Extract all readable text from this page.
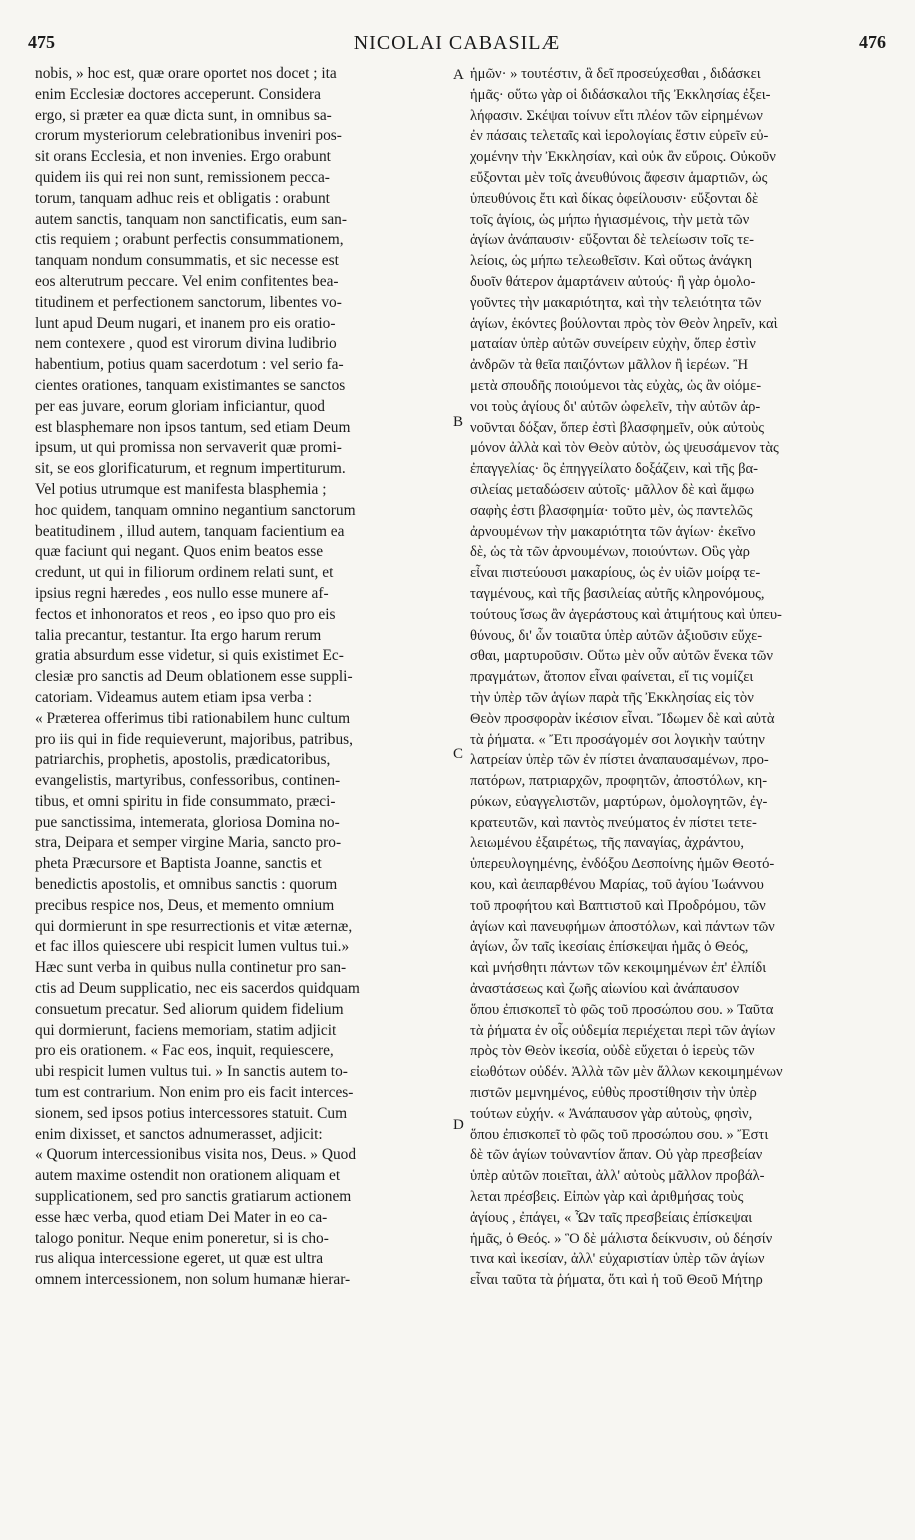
475	NICOLAI CABASILÆ	476
nobis, » hoc est, quæ orare oportet nos docet ; ita
enim Ecclesiæ doctores acceperunt. Considera
ergo, si præter ea quæ dicta sunt, in omnibus sa-
crorum mysteriorum celebrationibus inveniri pos-
sit orans Ecclesia, et non invenies. Ergo orabunt
quidem iis qui rei non sunt, remissionem pecca-
torum, tanquam adhuc reis et obligatis : orabunt
autem sanctis, tanquam non sanctificatis, eum san-
ctis requiem ; orabunt perfectis consummationem,
tanquam nondum consummatis, et sic necesse est
eos alterutrum peccare. Vel enim confitentes bea-
titudinem et perfectionem sanctorum, libentes vo-
lunt apud Deum nugari, et inanem pro eis oratio-
nem contexere , quod est virorum divina ludibrio
habentium, potius quam sacerdotum : vel serio fa-
cientes orationes, tanquam existimantes se sanctos
per eas juvare, eorum gloriam inficiantur, quod
est blasphemare non ipsos tantum, sed etiam Deum
ipsum, ut qui promissa non servaverit quæ promi-
sit, se eos glorificaturum, et regnum impertiturum.
Vel potius utrumque est manifesta blasphemia ;
hoc quidem, tanquam omnino negantium sanctorum
beatitudinem , illud autem, tanquam facientium ea
quæ faciunt qui negant. Quos enim beatos esse
credunt, ut qui in filiorum ordinem relati sunt, et
ipsius regni hæredes , eos nullo esse munere af-
fectos et inhonoratos et reos , eo ipso quo pro eis
talia precantur, testantur. Ita ergo harum rerum
gratia absurdum esse videtur, si quis existimet Ec-
clesiæ pro sanctis ad Deum oblationem esse suppli-
catoriam. Videamus autem etiam ipsa verba :
« Præterea offerimus tibi rationabilem hunc cultum
pro iis qui in fide requieverunt, majoribus, patribus,
patriarchis, prophetis, apostolis, prædicatoribus,
evangelistis, martyribus, confessoribus, continen-
tibus, et omni spiritu in fide consummato, præci-
pue sanctissima, intemerata, gloriosa Domina no-
stra, Deipara et semper virgine Maria, sancto pro-
pheta Præcursore et Baptista Joanne, sanctis et
benedictis apostolis, et omnibus sanctis : quorum
precibus respice nos, Deus, et memento omnium
qui dormierunt in spe resurrectionis et vitæ æternæ,
et fac illos quiescere ubi respicit lumen vultus tui.»
Hæc sunt verba in quibus nulla continetur pro san-
ctis ad Deum supplicatio, nec eis sacerdos quidquam
consuetum precatur. Sed aliorum quidem fidelium
qui dormierunt, faciens memoriam, statim adjicit
pro eis orationem. « Fac eos, inquit, requiescere,
ubi respicit lumen vultus tui. » In sanctis autem to-
tum est contrarium. Non enim pro eis facit interces-
sionem, sed ipsos potius intercessores statuit. Cum
enim dixisset, et sanctos adnumerasset, adjicit:
« Quorum intercessionibus visita nos, Deus. » Quod
autem maxime ostendit non orationem aliquam et
supplicationem, sed pro sanctis gratiarum actionem
esse hæc verba, quod etiam Dei Mater in eo ca-
talogo ponitur. Neque enim poneretur, si is cho-
rus aliqua intercessione egeret, ut quæ est ultra
omnem intercessionem, non solum humanæ hierar-
ἡμῶν· » τουτέστιν, ἃ δεῖ προσεύχεσθαι , διδάσκει
ἡμᾶς· οὕτω γὰρ οἱ διδάσκαλοι τῆς Ἐκκλησίας ἐξει-
λήφασιν. Σκέψαι τοίνυν εἴτι πλέον τῶν εἰρημένων
ἐν πάσαις τελεταῖς καὶ ἱερολογίαις ἔστιν εὑρεῖν εὐ-
χομένην τὴν Ἐκκλησίαν, καὶ οὐκ ἂν εὕροις. Οὐκοῦν
εὔξονται μὲν τοῖς ἀνευθύνοις ἄφεσιν ἁμαρτιῶν, ὡς
ὑπευθύνοις ἔτι καὶ δίκας ὀφείλουσιν· εὔξονται δὲ
τοῖς ἁγίοις, ὡς μήπω ἡγιασμένοις, τὴν μετὰ τῶν
ἁγίων ἀνάπαυσιν· εὔξονται δὲ τελείωσιν τοῖς τε-
λείοις, ὡς μήπω τελεωθεῖσιν. Καὶ οὕτως ἀνάγκη
δυοῖν θάτερον ἁμαρτάνειν αὐτούς· ἢ γὰρ ὁμολο-
γοῦντες τὴν μακαριότητα, καὶ τὴν τελειότητα τῶν
ἁγίων, ἑκόντες βούλονται πρὸς τὸν Θεὸν ληρεῖν, καὶ
ματαίαν ὑπὲρ αὐτῶν συνείρειν εὐχὴν, ὅπερ ἐστὶν
ἀνδρῶν τὰ θεῖα παιζόντων μᾶλλον ἢ ἱερέων. Ἢ
μετὰ σπουδῆς ποιούμενοι τὰς εὐχὰς, ὡς ἂν οἰόμε-
νοι τοὺς ἁγίους δι' αὐτῶν ὠφελεῖν, τὴν αὐτῶν ἀρ-
νοῦνται δόξαν, ὅπερ ἐστὶ βλασφημεῖν, οὐκ αὐτοὺς
μόνον ἀλλὰ καὶ τὸν Θεὸν αὐτὸν, ὡς ψευσάμενον τὰς
ἐπαγγελίας· ὃς ἐπηγγείλατο δοξάζειν, καὶ τῆς βα-
σιλείας μεταδώσειν αὐτοῖς· μᾶλλον δὲ καὶ ἄμφω
σαφὴς ἐστι βλασφημία· τοῦτο μὲν, ὡς παντελῶς
ἀρνουμένων τὴν μακαριότητα τῶν ἁγίων· ἐκεῖνο
δὲ, ὡς τὰ τῶν ἀρνουμένων, ποιούντων. Οὓς γὰρ
εἶναι πιστεύουσι μακαρίους, ὡς ἐν υἱῶν μοίρᾳ τε-
ταγμένους, καὶ τῆς βασιλείας αὐτῆς κληρονόμους,
τούτους ἴσως ἂν ἀγεράστους καὶ ἀτιμήτους καὶ ὑπευ-
θύνους, δι' ὧν τοιαῦτα ὑπὲρ αὐτῶν ἀξιοῦσιν εὔχε-
σθαι, μαρτυροῦσιν. Οὕτω μὲν οὖν αὐτῶν ἕνεκα τῶν
πραγμάτων, ἄτοπον εἶναι φαίνεται, εἴ τις νομίζει
τὴν ὑπὲρ τῶν ἁγίων παρὰ τῆς Ἐκκλησίας εἰς τὸν
Θεὸν προσφορὰν ἱκέσιον εἶναι. Ἴδωμεν δὲ καὶ αὐτὰ
τὰ ῥήματα. « Ἔτι προσάγομέν σοι λογικὴν ταύτην
λατρείαν ὑπὲρ τῶν ἐν πίστει ἀναπαυσαμένων, προ-
πατόρων, πατριαρχῶν, προφητῶν, ἀποστόλων, κη-
ρύκων, εὐαγγελιστῶν, μαρτύρων, ὁμολογητῶν, ἐγ-
κρατευτῶν, καὶ παντὸς πνεύματος ἐν πίστει τετε-
λειωμένου ἐξαιρέτως, τῆς παναγίας, ἀχράντου,
ὑπερευλογημένης, ἐνδόξου Δεσποίνης ἡμῶν Θεοτό-
κου, καὶ ἀειπαρθένου Μαρίας, τοῦ ἁγίου Ἰωάννου
τοῦ προφήτου καὶ Βαπτιστοῦ καὶ Προδρόμου, τῶν
ἁγίων καὶ πανευφήμων ἀποστόλων, καὶ πάντων τῶν
ἁγίων, ὧν ταῖς ἱκεσίαις ἐπίσκεψαι ἡμᾶς ὁ Θεός,
καὶ μνήσθητι πάντων τῶν κεκοιμημένων ἐπ' ἐλπίδι
ἀναστάσεως καὶ ζωῆς αἰωνίου καὶ ἀνάπαυσον
ὅπου ἐπισκοπεῖ τὸ φῶς τοῦ προσώπου σου. » Ταῦτα
τὰ ῥήματα ἐν οἷς οὐδεμία περιέχεται περὶ τῶν ἁγίων
πρὸς τὸν Θεὸν ἱκεσία, οὐδὲ εὔχεται ὁ ἱερεὺς τῶν
εἰωθότων οὐδέν. Ἀλλὰ τῶν μὲν ἄλλων κεκοιμημένων
πιστῶν μεμνημένος, εὐθὺς προστίθησιν τὴν ὑπὲρ
τούτων εὐχήν. « Ἀνάπαυσον γὰρ αὐτοὺς, φησὶν,
ὅπου ἐπισκοπεῖ τὸ φῶς τοῦ προσώπου σου. » Ἔστι
δὲ τῶν ἁγίων τοὐναντίον ἅπαν. Οὐ γὰρ πρεσβείαν
ὑπὲρ αὐτῶν ποιεῖται, ἀλλ' αὐτοὺς μᾶλλον προβάλ-
λεται πρέσβεις. Εἰπὼν γὰρ καὶ ἀριθμήσας τοὺς
ἁγίους , ἐπάγει, « Ὧν ταῖς πρεσβείαις ἐπίσκεψαι
ἡμᾶς, ὁ Θεός. » Ὃ δὲ μάλιστα δείκνυσιν, οὐ δέησίν
τινα καὶ ἱκεσίαν, ἀλλ' εὐχαριστίαν ὑπὲρ τῶν ἁγίων
εἶναι ταῦτα τὰ ῥήματα, ὅτι καὶ ἡ τοῦ Θεοῦ Μήτηρ
A
B
C
D
